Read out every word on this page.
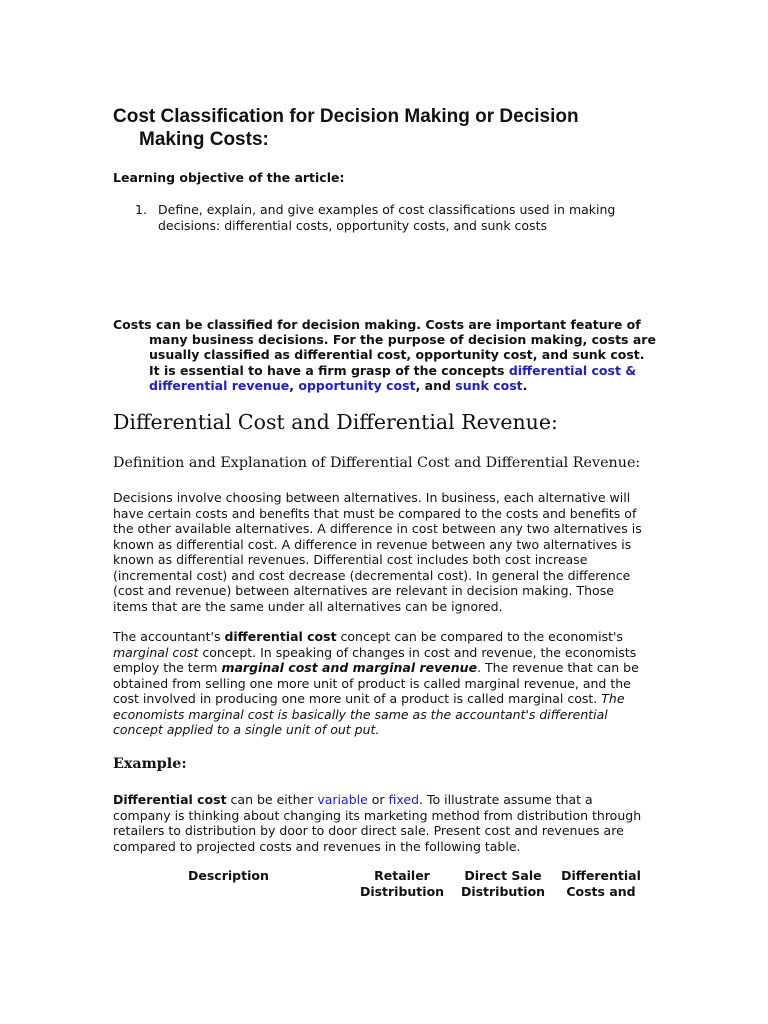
Cost Classification for Decision Making or Decision
Making Costs:

Learning objective of the article:

1. Define, explain, and give examples of cost classifications used in making
decisions: differential costs, opportunity costs, and sunk costs

Costs can be classified for decision making. Costs are important feature of
many business decisions. For the purpose of decision making, costs are
usually classified as differential cost, opportunity cost, and sunk cost.
It is essential to have a firm grasp of the concepts differential cost &
differential revenue, opportunity cost, and sunk cost.

Differential Cost and Differential Revenue:
Definition and Explanation of Differential Cost and Differential Revenue:

Decisions involve choosing between alternatives. In business, each alternative will
have certain costs and benefits that must be compared to the costs and benefits of
the other available alternatives. A difference in cost between any two alternatives is
known as differential cost. A difference in revenue between any two alternatives is
known as differential revenues. Differential cost includes both cost increase
(incremental cost) and cost decrease (decremental cost). In general the difference
(cost and revenue) between alternatives are relevant in decision making. Those
items that are the same under all alternatives can be ignored.

The accountant's differential cost concept can be compared to the economist's
marginal cost concept. In speaking of changes in cost and revenue, the economists
employ the term marginal cost and marginal revenue. The revenue that can be
obtained from selling one more unit of product is called marginal revenue, and the
cost involved in producing one more unit of a product is called marginal cost. The
economists marginal cost is basically the same as the accountant's differential
concept applied to a single unit of out put.

Example:

Differential cost can be either variable or fixed. To illustrate assume that a
company is thinking about changing its marketing method from distribution through
retailers to distribution by door to door direct sale. Present cost and revenues are
compared to projected costs and revenues in the following table.

Description	Retailer
Distribution
Direct Sale
Distribution
Differential
Costs and
